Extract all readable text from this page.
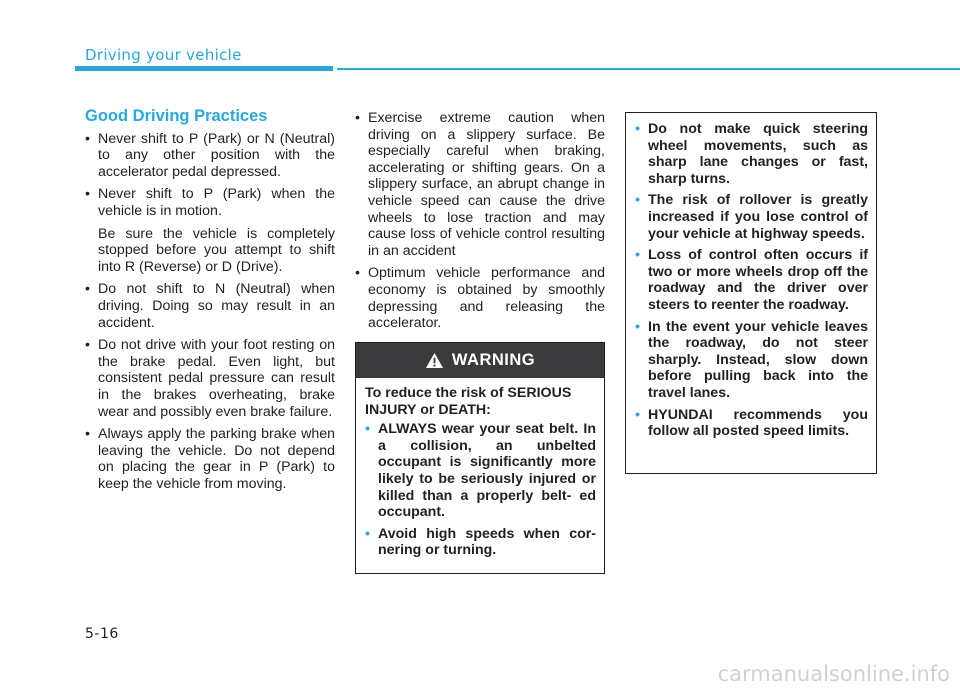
Driving your vehicle
Good Driving Practices
• Never shift to P (Park) or N (Neutral) to any other position with the accelerator pedal depressed.
• Never shift to P (Park) when the vehicle is in motion.

Be sure the vehicle is completely stopped before you attempt to shift into R (Reverse) or D (Drive).

• Do not shift to N (Neutral) when driving. Doing so may result in an accident.
• Do not drive with your foot resting on the brake pedal. Even light, but consistent pedal pressure can result in the brakes overheating, brake wear and possibly even brake failure.
• Always apply the parking brake when leaving the vehicle. Do not depend on placing the gear in P (Park) to keep the vehicle from moving.
• Exercise extreme caution when driving on a slippery surface. Be especially careful when braking, accelerating or shifting gears. On a slippery surface, an abrupt change in vehicle speed can cause the drive wheels to lose traction and may cause loss of vehicle control resulting in an accident
• Optimum vehicle performance and economy is obtained by smoothly depressing and releasing the accelerator.
WARNING

To reduce the risk of SERIOUS INJURY or DEATH:

• ALWAYS wear your seat belt. In a collision, an unbelted occupant is significantly more likely to be seriously injured or killed than a properly belt- ed occupant.
• Avoid high speeds when cor- nering or turning.
• Do not make quick steering wheel movements, such as sharp lane changes or fast, sharp turns.
• The risk of rollover is greatly increased if you lose control of your vehicle at highway speeds.
• Loss of control often occurs if two or more wheels drop off the roadway and the driver over steers to reenter the roadway.
• In the event your vehicle leaves the roadway, do not steer sharply. Instead, slow down before pulling back into the travel lanes.
• HYUNDAI recommends you follow all posted speed limits.
5-16
carmanualsonline.info
